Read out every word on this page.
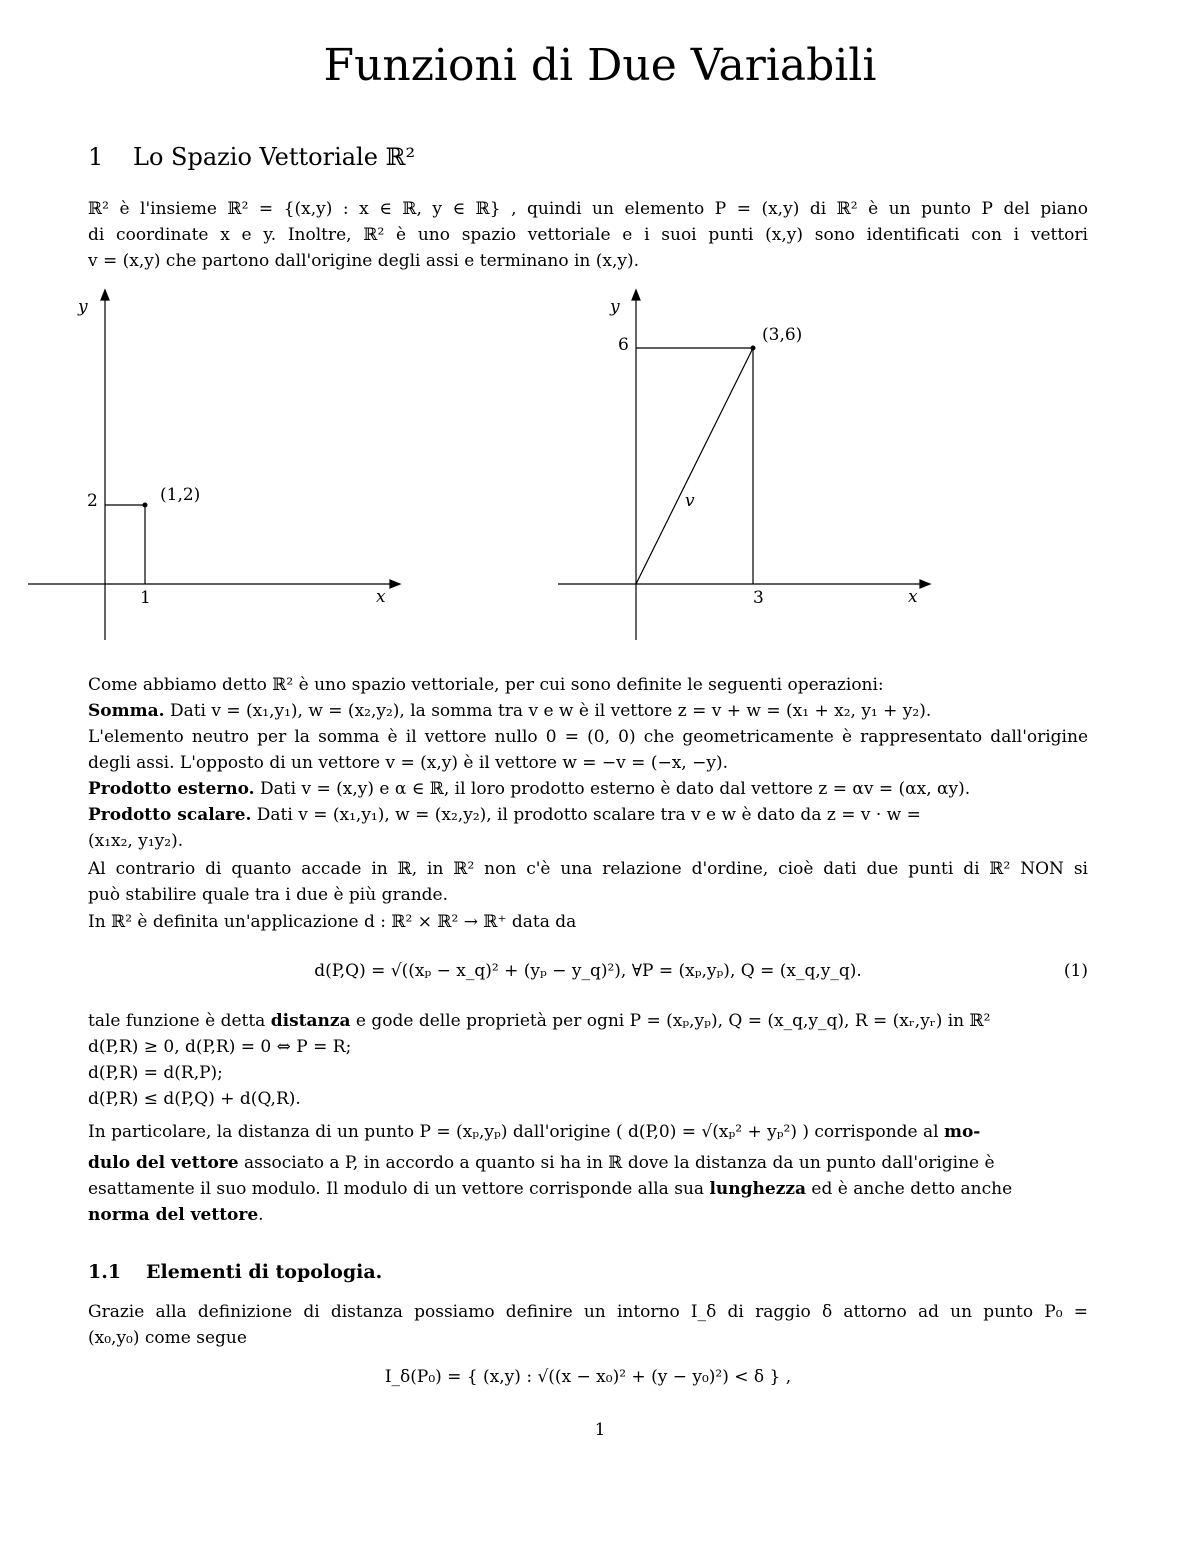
Funzioni di Due Variabili
1 Lo Spazio Vettoriale ℝ²
ℝ² è l'insieme ℝ² = {(x,y) : x ∈ ℝ, y ∈ ℝ} , quindi un elemento P = (x,y) di ℝ² è un punto P del piano
di coordinate x e y. Inoltre, ℝ² è uno spazio vettoriale e i suoi punti (x,y) sono identificati con i vettori
v = (x,y) che partono dall'origine degli assi e terminano in (x,y).
y
x
2
1
(1,2)
y
x
6
3
(3,6)
v
Come abbiamo detto ℝ² è uno spazio vettoriale, per cui sono definite le seguenti operazioni:
Somma. Dati v = (x₁,y₁), w = (x₂,y₂), la somma tra v e w è il vettore z = v + w = (x₁ + x₂, y₁ + y₂).
L'elemento neutro per la somma è il vettore nullo 0 = (0, 0) che geometricamente è rappresentato dall'origine
degli assi. L'opposto di un vettore v = (x,y) è il vettore w = −v = (−x, −y).
Prodotto esterno. Dati v = (x,y) e α ∈ ℝ, il loro prodotto esterno è dato dal vettore z = αv = (αx, αy).
Prodotto scalare. Dati v = (x₁,y₁), w = (x₂,y₂), il prodotto scalare tra v e w è dato da z = v · w =
(x₁x₂, y₁y₂).
Al contrario di quanto accade in ℝ, in ℝ² non c'è una relazione d'ordine, cioè dati due punti di ℝ² NON si
può stabilire quale tra i due è più grande.
In ℝ² è definita un'applicazione d : ℝ² × ℝ² → ℝ⁺ data da
d(P,Q) = √((xₚ − x_q)² + (yₚ − y_q)²), ∀P = (xₚ,yₚ), Q = (x_q,y_q).	(1)
tale funzione è detta distanza e gode delle proprietà per ogni P = (xₚ,yₚ), Q = (x_q,y_q), R = (xᵣ,yᵣ) in ℝ²
d(P,R) ≥ 0, d(P,R) = 0 ⇔ P = R;
d(P,R) = d(R,P);
d(P,R) ≤ d(P,Q) + d(Q,R).
In particolare, la distanza di un punto P = (xₚ,yₚ) dall'origine ( d(P,0) = √(xₚ² + yₚ²) ) corrisponde al mo-
dulo del vettore associato a P, in accordo a quanto si ha in ℝ dove la distanza da un punto dall'origine è
esattamente il suo modulo. Il modulo di un vettore corrisponde alla sua lunghezza ed è anche detto anche
norma del vettore.
1.1 Elementi di topologia.
Grazie alla definizione di distanza possiamo definire un intorno I_δ di raggio δ attorno ad un punto P₀ =
(x₀,y₀) come segue
I_δ(P₀) = { (x,y) : √((x − x₀)² + (y − y₀)²) < δ } ,
1
